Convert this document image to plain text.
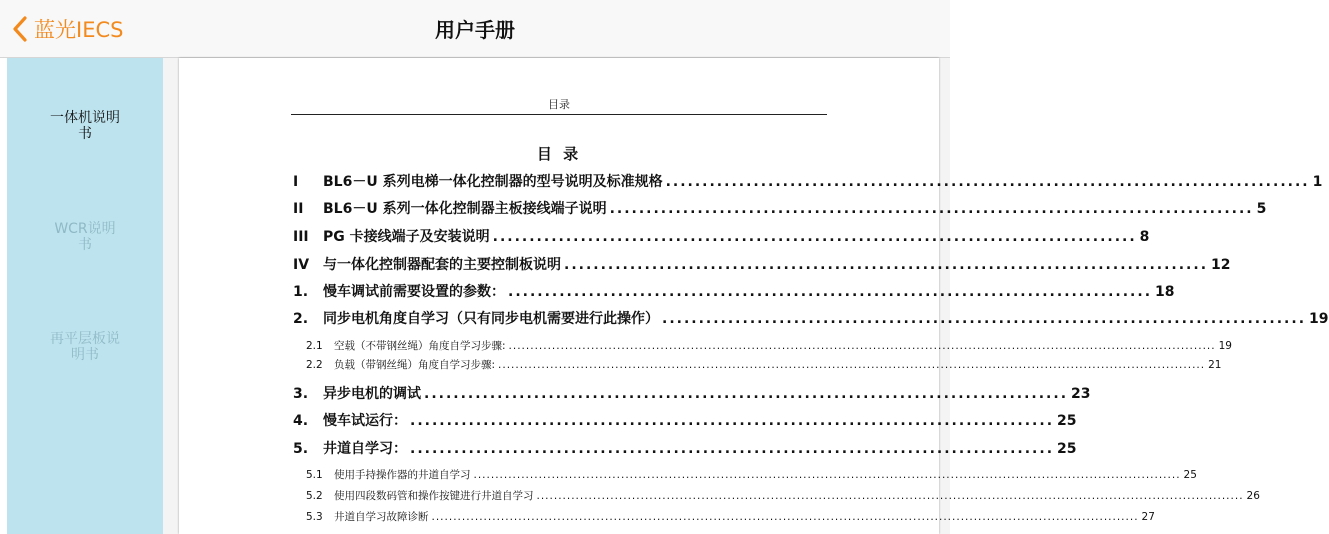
蓝光IECS	用户手册
一体机说明
书
WCR说明
书
再平层板说
明书
目录
目 录
I	BL6－U 系列电梯一体化控制器的型号说明及标准规格 ........................................................................................ 1
II	BL6－U 系列一体化控制器主板接线端子说明 ........................................................................................ 5
III	PG 卡接线端子及安装说明 ........................................................................................ 8
IV 与一体化控制器配套的主要控制板说明 ........................................................................................ 12
1.	慢车调试前需要设置的参数： ........................................................................................ 18
2.	同步电机角度自学习（只有同步电机需要进行此操作） ........................................................................................ 19
2.1	空载（不带钢丝绳）角度自学习步骤: ................................................................................................................................................................... 19
2.2	负载（带钢丝绳）角度自学习步骤: ................................................................................................................................................................... 21
3.	异步电机的调试 ........................................................................................ 23
4.	慢车试运行： ........................................................................................ 25
5.	井道自学习： ........................................................................................ 25
5.1	使用手持操作器的井道自学习 ................................................................................................................................................................... 25
5.2	使用四段数码管和操作按键进行井道自学习 ................................................................................................................................................................... 26
5.3	井道自学习故障诊断 ................................................................................................................................................................... 27
